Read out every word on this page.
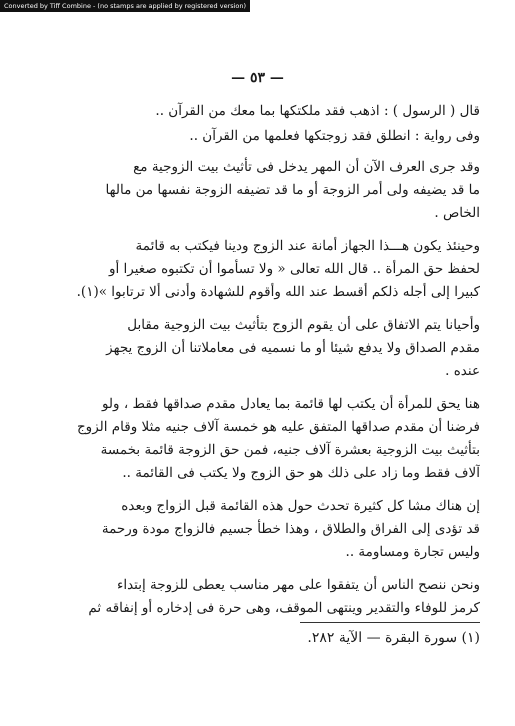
Converted by Tiff Combine - (no stamps are applied by registered version)
— ٥٣ —
قال ( الرسول ) : اذهب فقد ملكتكها بما معك من القرآن ..
وفى رواية : انطلق فقد زوجتكها فعلمها من القرآن ..
وقد جرى العرف الآن أن المهر يدخل فى تأثيث بيت الزوجية مع
ما قد يضيفه ولى أمر الزوجة أو ما قد تضيفه الزوجة نفسها من مالها
الخاص .
وحينئذ يكون هـــذا الجهاز أمانة عند الزوج ودينا فيكتب به قائمة
لحفظ حق المرأة .. قال الله تعالى « ولا تسأموا أن تكتبوه صغيرا أو
كبيرا إلى أجله ذلكم أقسط عند الله وأقوم للشهادة وأدنى ألا ترتابوا »(١).
وأحيانا يتم الاتفاق على أن يقوم الزوج بتأثيث بيت الزوجية مقابل
مقدم الصداق ولا يدفع شيئا أو ما نسميه فى معاملاتنا أن الزوج يجهز
عنده .
هنا يحق للمرأة أن يكتب لها قائمة بما يعادل مقدم صداقها فقط ، ولو
فرضنا أن مقدم صداقها المتفق عليه هو خمسة آلاف جنيه مثلا وقام الزوج
بتأثيث بيت الزوجية بعشرة آلاف جنيه، فمن حق الزوجة قائمة بخمسة
آلاف فقط وما زاد على ذلك هو حق الزوج ولا يكتب فى القائمة ..
إن هناك مشا كل كثيرة تحدث حول هذه القائمة قبل الزواج وبعده
قد تؤدى إلى الفراق والطلاق ، وهذا خطأ جسيم فالزواج مودة ورحمة
وليس تجارة ومساومة ..
ونحن ننصح الناس أن يتفقوا على مهر مناسب يعطى للزوجة إبتداء
كرمز للوفاء والتقدير وينتهى الموقف، وهى حرة فى إدخاره أو إنفاقه ثم
(١) سورة البقرة — الآية ٢٨٢.
